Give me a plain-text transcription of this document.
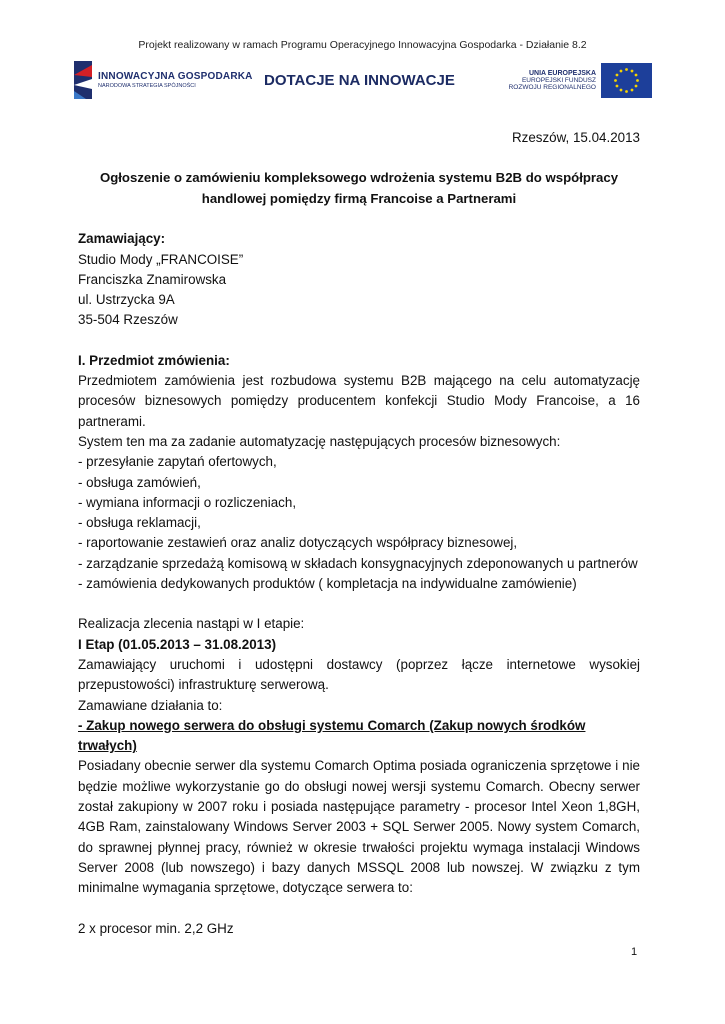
Projekt realizowany w ramach Programu Operacyjnego Innowacyjna Gospodarka - Działanie 8.2
INNOWACYJNA GOSPODARKA
NARODOWA STRATEGIA SPÓJNOŚCI	DOTACJE NA INNOWACJE	UNIA EUROPEJSKA
EUROPEJSKI FUNDUSZ
ROZWOJU REGIONALNEGO

Rzeszów, 15.04.2013

Ogłoszenie o zamówieniu kompleksowego wdrożenia systemu B2B do współpracy
handlowej pomiędzy firmą Francoise a Partnerami
Zamawiający:
Studio Mody „FRANCOISE”
Franciszka Znamirowska
ul. Ustrzycka 9A
35-504 Rzeszów
I. Przedmiot zmówienia:
Przedmiotem zamówienia jest rozbudowa systemu B2B mającego na celu automatyzację procesów biznesowych pomiędzy producentem konfekcji Studio Mody Francoise, a 16 partnerami.
System ten ma za zadanie automatyzację następujących procesów biznesowych:
- przesyłanie zapytań ofertowych,
- obsługa zamówień,
- wymiana informacji o rozliczeniach,
- obsługa reklamacji,
- raportowanie zestawień oraz analiz dotyczących współpracy biznesowej,
- zarządzanie sprzedażą komisową w składach konsygnacyjnych zdeponowanych u partnerów
- zamówienia dedykowanych produktów ( kompletacja na indywidualne zamówienie)
Realizacja zlecenia nastąpi w I etapie:
I Etap (01.05.2013 – 31.08.2013)
Zamawiający uruchomi i udostępni dostawcy (poprzez łącze internetowe wysokiej przepustowości) infrastrukturę serwerową.
Zamawiane działania to:
- Zakup nowego serwera do obsługi systemu Comarch (Zakup nowych środków trwałych)
Posiadany obecnie serwer dla systemu Comarch Optima posiada ograniczenia sprzętowe i nie będzie możliwe wykorzystanie go do obsługi nowej wersji systemu Comarch. Obecny serwer został zakupiony w 2007 roku i posiada następujące parametry - procesor Intel Xeon 1,8GH, 4GB Ram, zainstalowany Windows Server 2003 + SQL Serwer 2005. Nowy system Comarch, do sprawnej płynnej pracy, również w okresie trwałości projektu wymaga instalacji Windows Server 2008 (lub nowszego) i bazy danych MSSQL 2008 lub nowszej. W związku z tym minimalne wymagania sprzętowe, dotyczące serwera to:
2 x procesor min. 2,2 GHz
1
